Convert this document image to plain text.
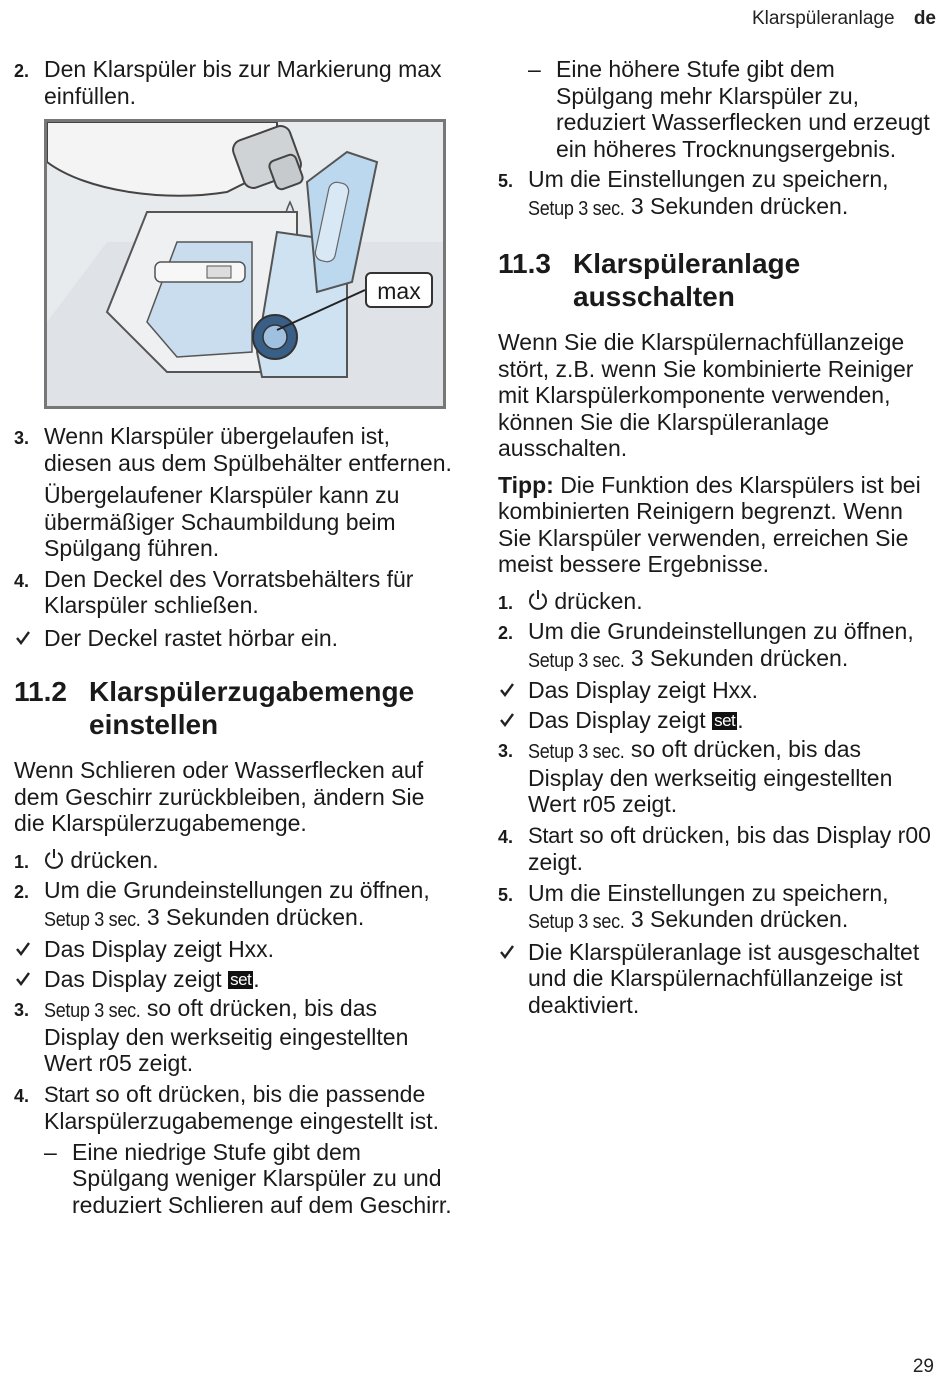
Klarspüleranlage de
2. Den Klarspüler bis zur Markierung max einfüllen.
max
3. Wenn Klarspüler übergelaufen ist, diesen aus dem Spülbehälter entfernen.
Übergelaufener Klarspüler kann zu übermäßiger Schaumbildung beim Spülgang führen.
4. Den Deckel des Vorratsbehälters für Klarspüler schließen.
Der Deckel rastet hörbar ein.
11.2 Klarspülerzugabemenge einstellen

Wenn Schlieren oder Wasserflecken auf dem Geschirr zurückbleiben, ändern Sie die Klarspülerzugabemenge.

1. drücken.
2. Um die Grundeinstellungen zu öffnen, Setup 3 sec. 3 Sekunden drücken.
Das Display zeigt Hxx.
Das Display zeigt set.
3. Setup 3 sec. so oft drücken, bis das Display den werkseitig eingestellten Wert r05 zeigt.
4. Start so oft drücken, bis die passende Klarspülerzugabemenge eingestellt ist.
– Eine niedrige Stufe gibt dem Spülgang weniger Klarspüler zu und reduziert Schlieren auf dem Geschirr.
– Eine höhere Stufe gibt dem Spülgang mehr Klarspüler zu, reduziert Wasserflecken und erzeugt ein höheres Trocknungsergebnis.
5. Um die Einstellungen zu speichern, Setup 3 sec. 3 Sekunden drücken.
11.3 Klarspüleranlage ausschalten

Wenn Sie die Klarspülernachfüllanzeige stört, z.B. wenn Sie kombinierte Reiniger mit Klarspülerkomponente verwenden, können Sie die Klarspüleranlage ausschalten.

Tipp: Die Funktion des Klarspülers ist bei kombinierten Reinigern begrenzt. Wenn Sie Klarspüler verwenden, erreichen Sie meist bessere Ergebnisse.

1. drücken.
2. Um die Grundeinstellungen zu öffnen, Setup 3 sec. 3 Sekunden drücken.
Das Display zeigt Hxx.
Das Display zeigt set.
3. Setup 3 sec. so oft drücken, bis das Display den werkseitig eingestellten Wert r05 zeigt.
4. Start so oft drücken, bis das Display r00 zeigt.
5. Um die Einstellungen zu speichern, Setup 3 sec. 3 Sekunden drücken.
Die Klarspüleranlage ist ausgeschaltet und die Klarspülernachfüllanzeige ist deaktiviert.
29
